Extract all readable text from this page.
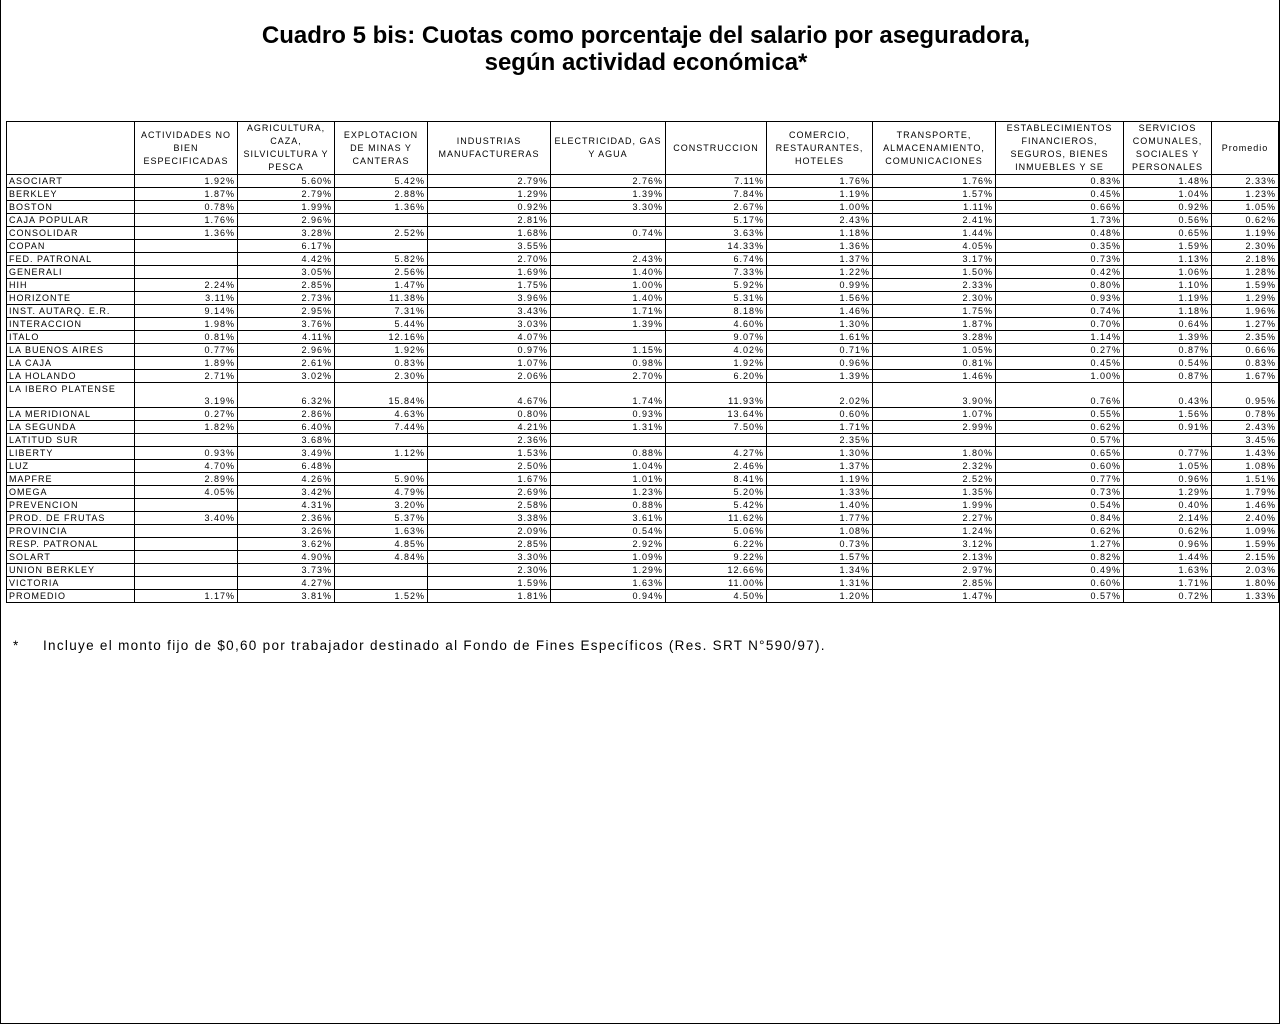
Cuadro 5 bis: Cuotas como porcentaje del salario por aseguradora,
según actividad económica*
	ACTIVIDADES NO BIEN ESPECIFICADAS	AGRICULTURA, CAZA, SILVICULTURA Y PESCA	EXPLOTACION DE MINAS Y CANTERAS	INDUSTRIAS MANUFACTURERAS	ELECTRICIDAD, GAS Y AGUA	CONSTRUCCION	COMERCIO, RESTAURANTES, HOTELES	TRANSPORTE, ALMACENAMIENTO, COMUNICACIONES	ESTABLECIMIENTOS FINANCIEROS, SEGUROS, BIENES INMUEBLES Y SE	SERVICIOS COMUNALES, SOCIALES Y PERSONALES	Promedio
ASOCIART	1.92%	5.60%	5.42%	2.79%	2.76%	7.11%	1.76%	1.76%	0.83%	1.48%	2.33%
BERKLEY	1.87%	2.79%	2.88%	1.29%	1.39%	7.84%	1.19%	1.57%	0.45%	1.04%	1.23%
BOSTON	0.78%	1.99%	1.36%	0.92%	3.30%	2.67%	1.00%	1.11%	0.66%	0.92%	1.05%
CAJA POPULAR	1.76%	2.96%		2.81%		5.17%	2.43%	2.41%	1.73%	0.56%	0.62%
CONSOLIDAR	1.36%	3.28%	2.52%	1.68%	0.74%	3.63%	1.18%	1.44%	0.48%	0.65%	1.19%
COPAN		6.17%		3.55%		14.33%	1.36%	4.05%	0.35%	1.59%	2.30%
FED. PATRONAL		4.42%	5.82%	2.70%	2.43%	6.74%	1.37%	3.17%	0.73%	1.13%	2.18%
GENERALI		3.05%	2.56%	1.69%	1.40%	7.33%	1.22%	1.50%	0.42%	1.06%	1.28%
HIH	2.24%	2.85%	1.47%	1.75%	1.00%	5.92%	0.99%	2.33%	0.80%	1.10%	1.59%
HORIZONTE	3.11%	2.73%	11.38%	3.96%	1.40%	5.31%	1.56%	2.30%	0.93%	1.19%	1.29%
INST. AUTARQ. E.R.	9.14%	2.95%	7.31%	3.43%	1.71%	8.18%	1.46%	1.75%	0.74%	1.18%	1.96%
INTERACCION	1.98%	3.76%	5.44%	3.03%	1.39%	4.60%	1.30%	1.87%	0.70%	0.64%	1.27%
ITALO	0.81%	4.11%	12.16%	4.07%		9.07%	1.61%	3.28%	1.14%	1.39%	2.35%
LA BUENOS AIRES	0.77%	2.96%	1.92%	0.97%	1.15%	4.02%	0.71%	1.05%	0.27%	0.87%	0.66%
LA CAJA	1.89%	2.61%	0.83%	1.07%	0.98%	1.92%	0.96%	0.81%	0.45%	0.54%	0.83%
LA HOLANDO	2.71%	3.02%	2.30%	2.06%	2.70%	6.20%	1.39%	1.46%	1.00%	0.87%	1.67%
LA IBERO PLATENSE	3.19%	6.32%	15.84%	4.67%	1.74%	11.93%	2.02%	3.90%	0.76%	0.43%	0.95%
LA MERIDIONAL	0.27%	2.86%	4.63%	0.80%	0.93%	13.64%	0.60%	1.07%	0.55%	1.56%	0.78%
LA SEGUNDA	1.82%	6.40%	7.44%	4.21%	1.31%	7.50%	1.71%	2.99%	0.62%	0.91%	2.43%
LATITUD SUR		3.68%		2.36%			2.35%		0.57%		3.45%
LIBERTY	0.93%	3.49%	1.12%	1.53%	0.88%	4.27%	1.30%	1.80%	0.65%	0.77%	1.43%
LUZ	4.70%	6.48%		2.50%	1.04%	2.46%	1.37%	2.32%	0.60%	1.05%	1.08%
MAPFRE	2.89%	4.26%	5.90%	1.67%	1.01%	8.41%	1.19%	2.52%	0.77%	0.96%	1.51%
OMEGA	4.05%	3.42%	4.79%	2.69%	1.23%	5.20%	1.33%	1.35%	0.73%	1.29%	1.79%
PREVENCION		4.31%	3.20%	2.58%	0.88%	5.42%	1.40%	1.99%	0.54%	0.40%	1.46%
PROD. DE FRUTAS	3.40%	2.36%	5.37%	3.38%	3.61%	11.62%	1.77%	2.27%	0.84%	2.14%	2.40%
PROVINCIA		3.26%	1.63%	2.09%	0.54%	5.06%	1.08%	1.24%	0.62%	0.62%	1.09%
RESP. PATRONAL		3.62%	4.85%	2.85%	2.92%	6.22%	0.73%	3.12%	1.27%	0.96%	1.59%
SOLART		4.90%	4.84%	3.30%	1.09%	9.22%	1.57%	2.13%	0.82%	1.44%	2.15%
UNION BERKLEY		3.73%		2.30%	1.29%	12.66%	1.34%	2.97%	0.49%	1.63%	2.03%
VICTORIA		4.27%		1.59%	1.63%	11.00%	1.31%	2.85%	0.60%	1.71%	1.80%
PROMEDIO	1.17%	3.81%	1.52%	1.81%	0.94%	4.50%	1.20%	1.47%	0.57%	0.72%	1.33%
* Incluye el monto fijo de $0,60 por trabajador destinado al Fondo de Fines Específicos (Res. SRT N°590/97).
